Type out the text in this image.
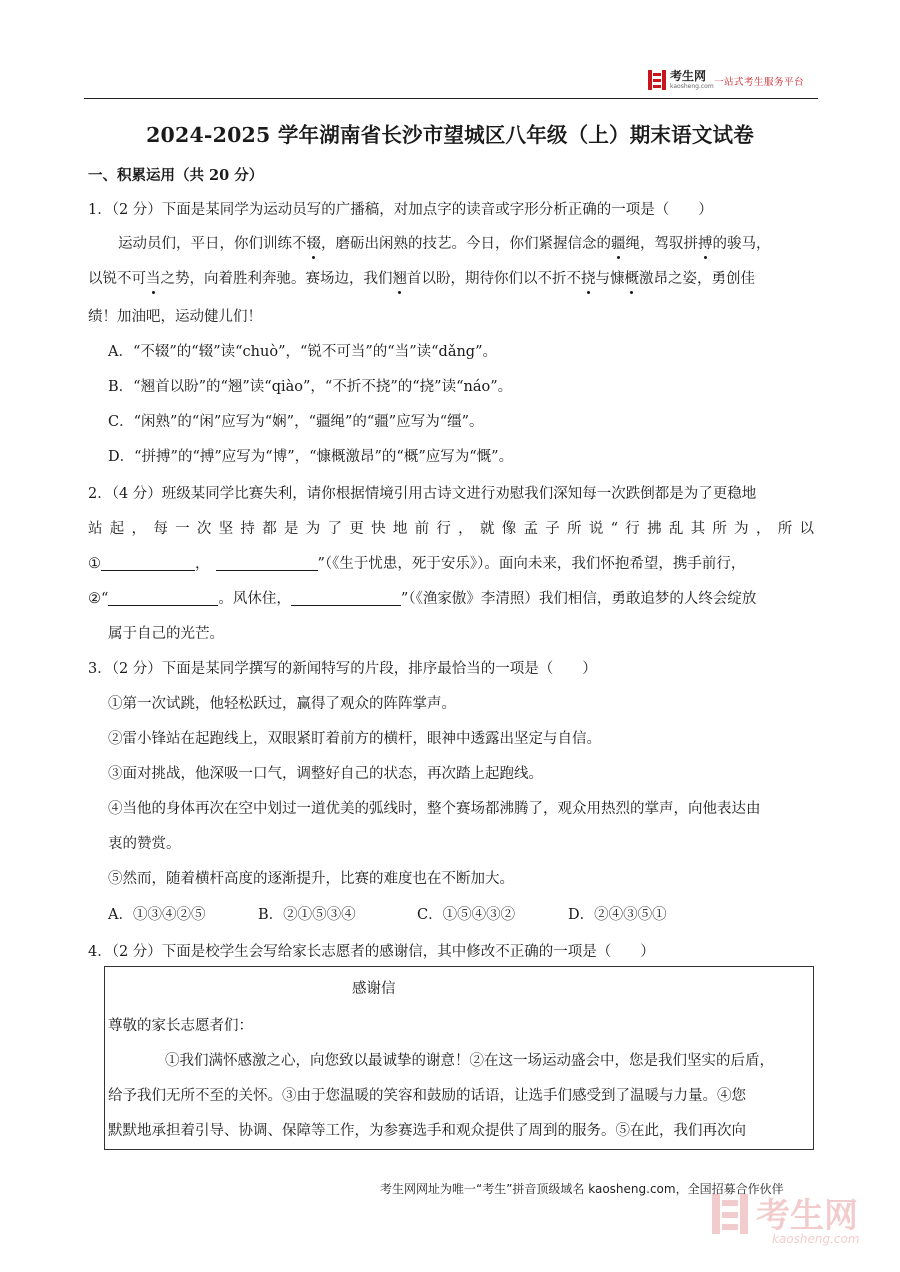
考生网
kaosheng.com 一站式考生服务平台
2024-2025 学年湖南省长沙市望城区八年级（上）期末语文试卷
一、积累运用（共 20 分）
1．（2 分）下面是某同学为运动员写的广播稿，对加点字的读音或字形分析正确的一项是（　　）
运动员们，平日，你们训练不辍，磨砺出闲熟的技艺。今日，你们紧握信念的疆绳，驾驭拼搏的骏马，
以锐不可当之势，向着胜利奔驰。赛场边，我们翘首以盼，期待你们以不折不挠与慷概激昂之姿，勇创佳
绩！加油吧，运动健儿们！
A．“不辍”的“辍”读“chuò”，“锐不可当”的“当”读“dǎng”。
B．“翘首以盼”的“翘”读“qiào”，“不折不挠”的“挠”读“náo”。
C．“闲熟”的“闲”应写为“娴”，“疆绳”的“疆”应写为“缰”。
D．“拼搏”的“搏”应写为“博”，“慷概激昂”的“概”应写为“慨”。
2．（4 分）班级某同学比赛失利，请你根据情境引用古诗文进行劝慰我们深知每一次跌倒都是为了更稳地
站起，每一次坚持都是为了更快地前行，就像孟子所说“行拂乱其所为，所以
①	，	”（《生于忧患，死于安乐》）。面向未来，我们怀抱希望，携手前行，
②“	。风休住，	”（《渔家傲》李清照）我们相信，勇敢追梦的人终会绽放
属于自己的光芒。
3．（2 分）下面是某同学撰写的新闻特写的片段，排序最恰当的一项是（　　）
①第一次试跳，他轻松跃过，赢得了观众的阵阵掌声。
②雷小锋站在起跑线上，双眼紧盯着前方的横杆，眼神中透露出坚定与自信。
③面对挑战，他深吸一口气，调整好自己的状态，再次踏上起跑线。
④当他的身体再次在空中划过一道优美的弧线时，整个赛场都沸腾了，观众用热烈的掌声，向他表达由
衷的赞赏。
⑤然而，随着横杆高度的逐渐提升，比赛的难度也在不断加大。
A．①③④②⑤	B．②①⑤③④	C．①⑤④③②	D．②④③⑤①
4．（2 分）下面是校学生会写给家长志愿者的感谢信，其中修改不正确的一项是（　　）
感谢信
尊敬的家长志愿者们：
①我们满怀感激之心，向您致以最诚挚的谢意！②在这一场运动盛会中，您是我们坚实的后盾，
给予我们无所不至的关怀。③由于您温暖的笑容和鼓励的话语，让选手们感受到了温暖与力量。④您
默默地承担着引导、协调、保障等工作，为参赛选手和观众提供了周到的服务。⑤在此，我们再次向
考生网网址为唯一“考生”拼音顶级域名 kaosheng.com，全国招募合作伙伴
考生网
kaosheng.com
